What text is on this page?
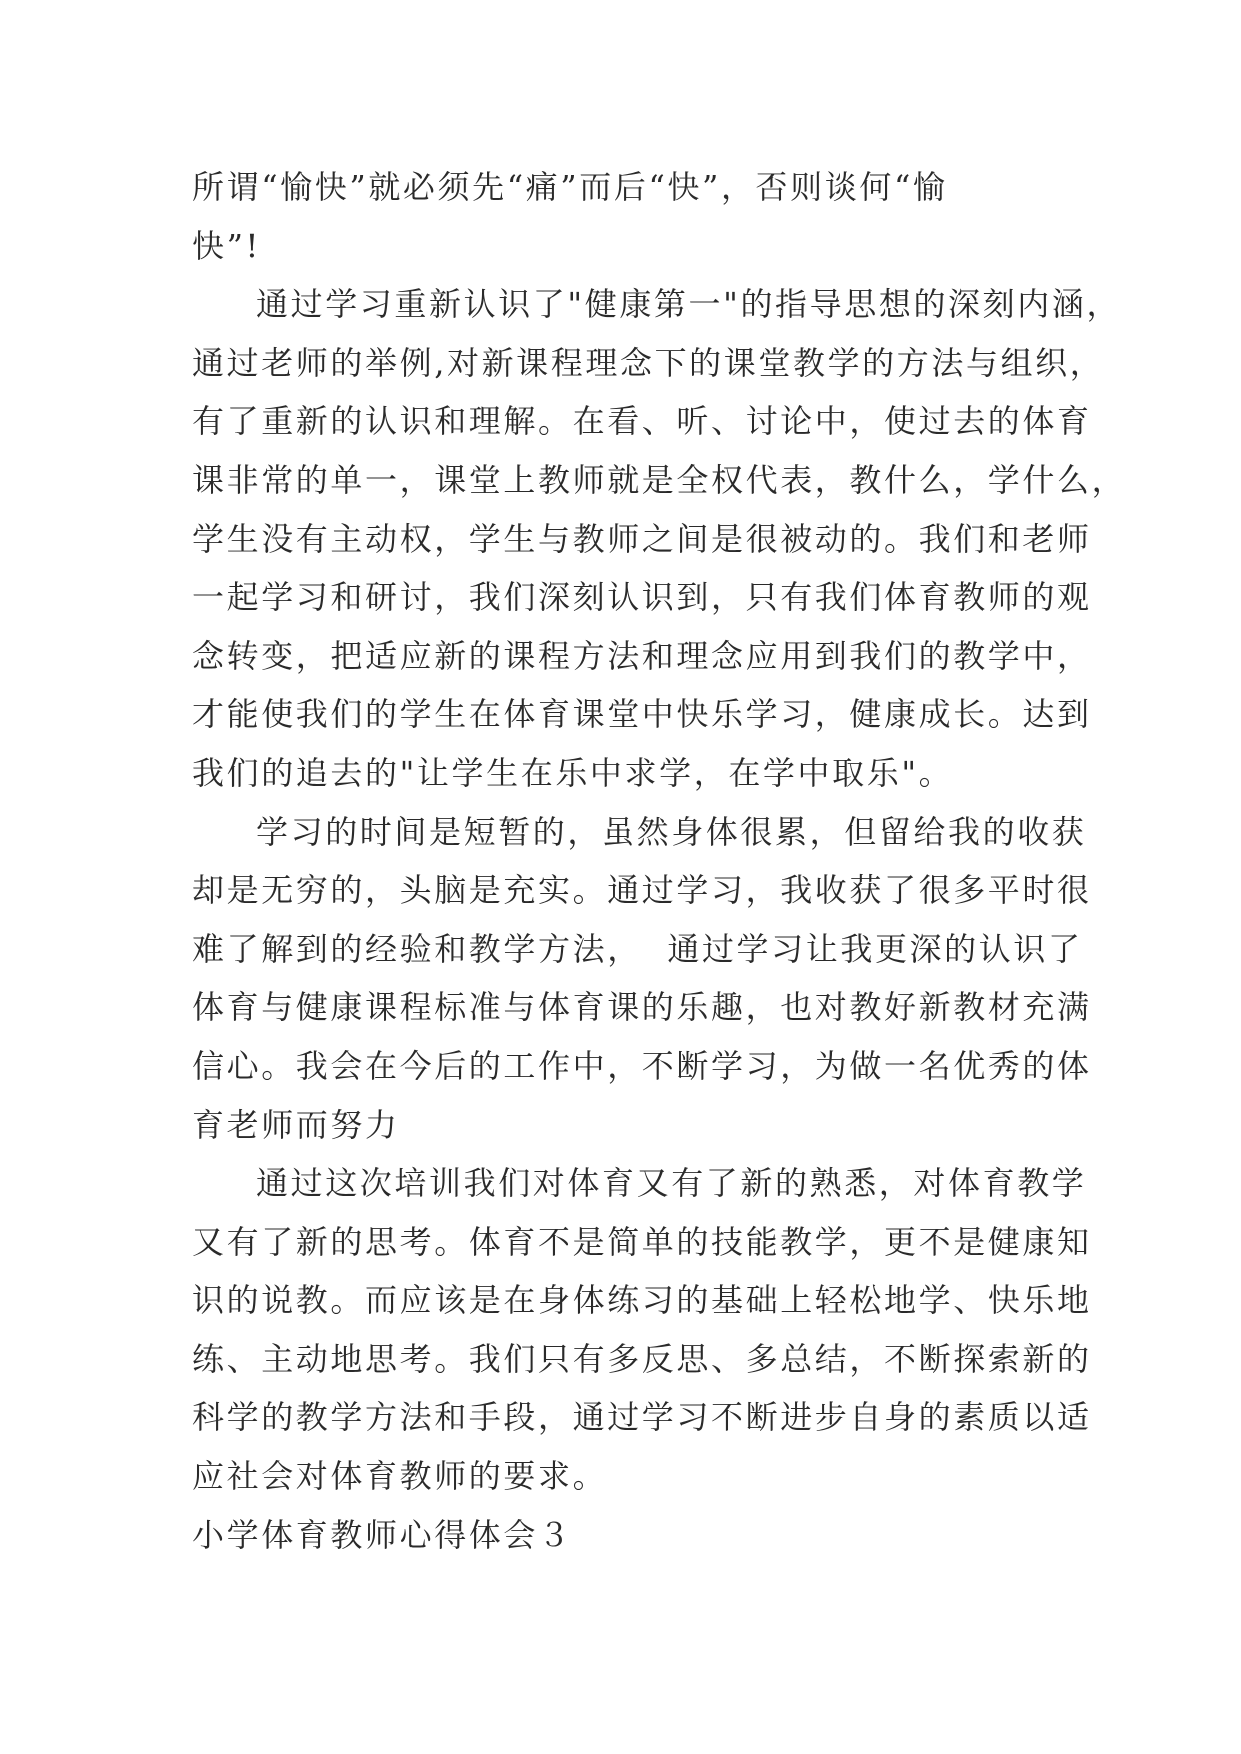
所谓“愉快”就必须先“痛”而后“快”，否则谈何“愉
快”!
通过学习重新认识了"健康第一"的指导思想的深刻内涵，
通过老师的举例,对新课程理念下的课堂教学的方法与组织，
有了重新的认识和理解。在看、听、讨论中，使过去的体育
课非常的单一，课堂上教师就是全权代表，教什么，学什么，
学生没有主动权，学生与教师之间是很被动的。我们和老师
一起学习和研讨，我们深刻认识到，只有我们体育教师的观
念转变，把适应新的课程方法和理念应用到我们的教学中，
才能使我们的学生在体育课堂中快乐学习，健康成长。达到
我们的追去的"让学生在乐中求学，在学中取乐"。
学习的时间是短暂的，虽然身体很累，但留给我的收获
却是无穷的，头脑是充实。通过学习，我收获了很多平时很
难了解到的经验和教学方法，  通过学习让我更深的认识了
体育与健康课程标准与体育课的乐趣，也对教好新教材充满
信心。我会在今后的工作中，不断学习，为做一名优秀的体
育老师而努力
通过这次培训我们对体育又有了新的熟悉，对体育教学
又有了新的思考。体育不是简单的技能教学，更不是健康知
识的说教。而应该是在身体练习的基础上轻松地学、快乐地
练、主动地思考。我们只有多反思、多总结，不断探索新的
科学的教学方法和手段，通过学习不断进步自身的素质以适
应社会对体育教师的要求。
小学体育教师心得体会３
